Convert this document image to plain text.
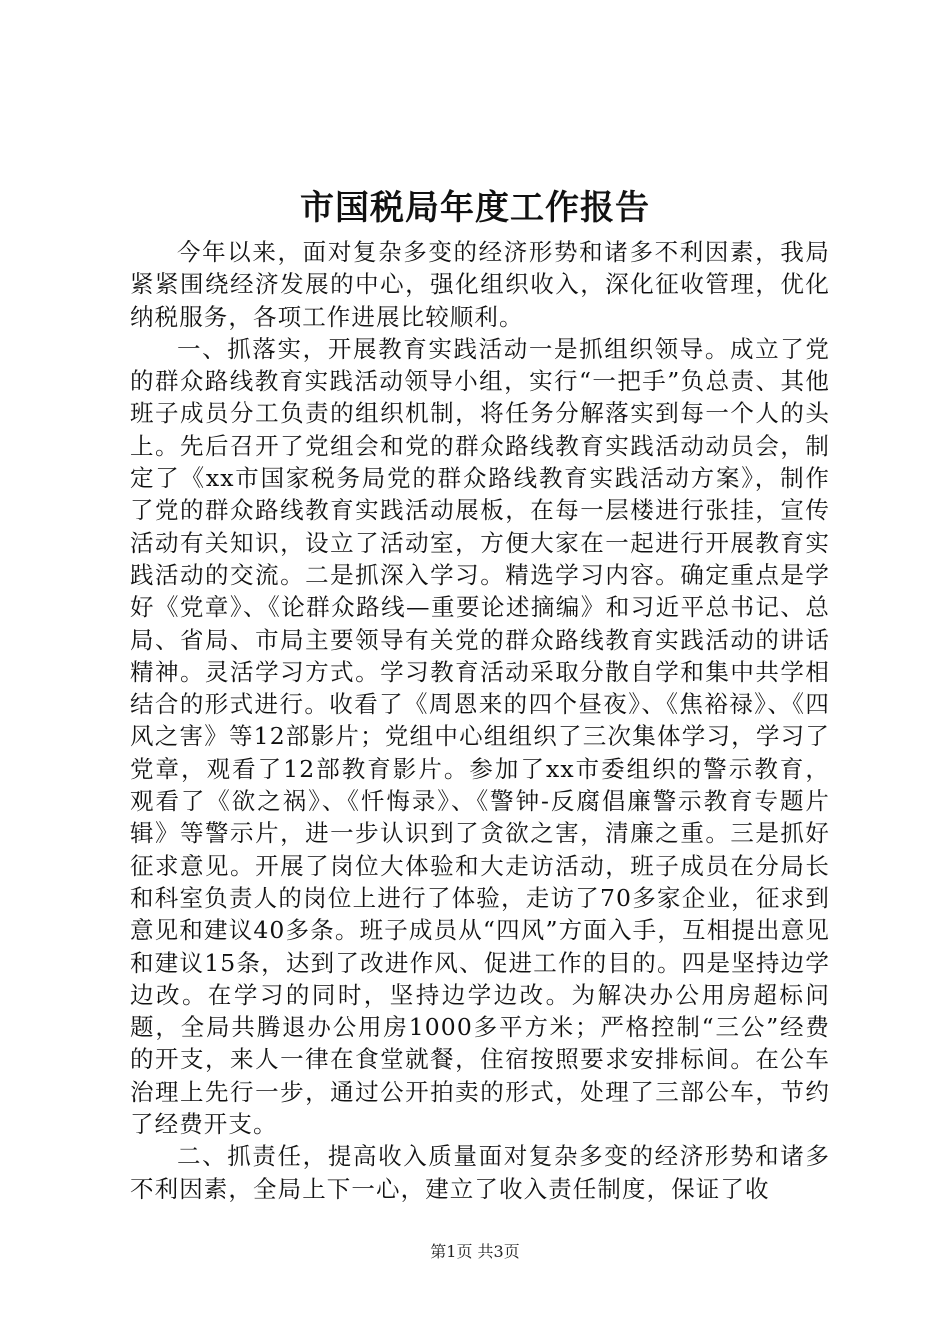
市国税局年度工作报告

今年以来，面对复杂多变的经济形势和诸多不利因素，我局紧紧围绕经济发展的中心，强化组织收入，深化征收管理，优化纳税服务，各项工作进展比较顺利。

一、抓落实，开展教育实践活动一是抓组织领导。成立了党的群众路线教育实践活动领导小组，实行“一把手”负总责、其他班子成员分工负责的组织机制，将任务分解落实到每一个人的头上。先后召开了党组会和党的群众路线教育实践活动动员会，制定了《xx市国家税务局党的群众路线教育实践活动方案》，制作了党的群众路线教育实践活动展板，在每一层楼进行张挂，宣传活动有关知识，设立了活动室，方便大家在一起进行开展教育实践活动的交流。二是抓深入学习。精选学习内容。确定重点是学好《党章》、《论群众路线—重要论述摘编》和习近平总书记、总局、省局、市局主要领导有关党的群众路线教育实践活动的讲话精神。灵活学习方式。学习教育活动采取分散自学和集中共学相结合的形式进行。收看了《周恩来的四个昼夜》、《焦裕禄》、《四风之害》等12部影片；党组中心组组织了三次集体学习，学习了党章，观看了12部教育影片。参加了xx市委组织的警示教育，观看了《欲之祸》、《忏悔录》、《警钟-反腐倡廉警示教育专题片辑》等警示片，进一步认识到了贪欲之害，清廉之重。三是抓好征求意见。开展了岗位大体验和大走访活动，班子成员在分局长和科室负责人的岗位上进行了体验，走访了70多家企业，征求到意见和建议40多条。班子成员从“四风”方面入手，互相提出意见和建议15条，达到了改进作风、促进工作的目的。四是坚持边学边改。在学习的同时，坚持边学边改。为解决办公用房超标问题，全局共腾退办公用房1000多平方米；严格控制“三公”经费的开支，来人一律在食堂就餐，住宿按照要求安排标间。在公车治理上先行一步，通过公开拍卖的形式，处理了三部公车，节约了经费开支。

二、抓责任，提高收入质量面对复杂多变的经济形势和诸多不利因素，全局上下一心，建立了收入责任制度，保证了收

第1页 共3页
